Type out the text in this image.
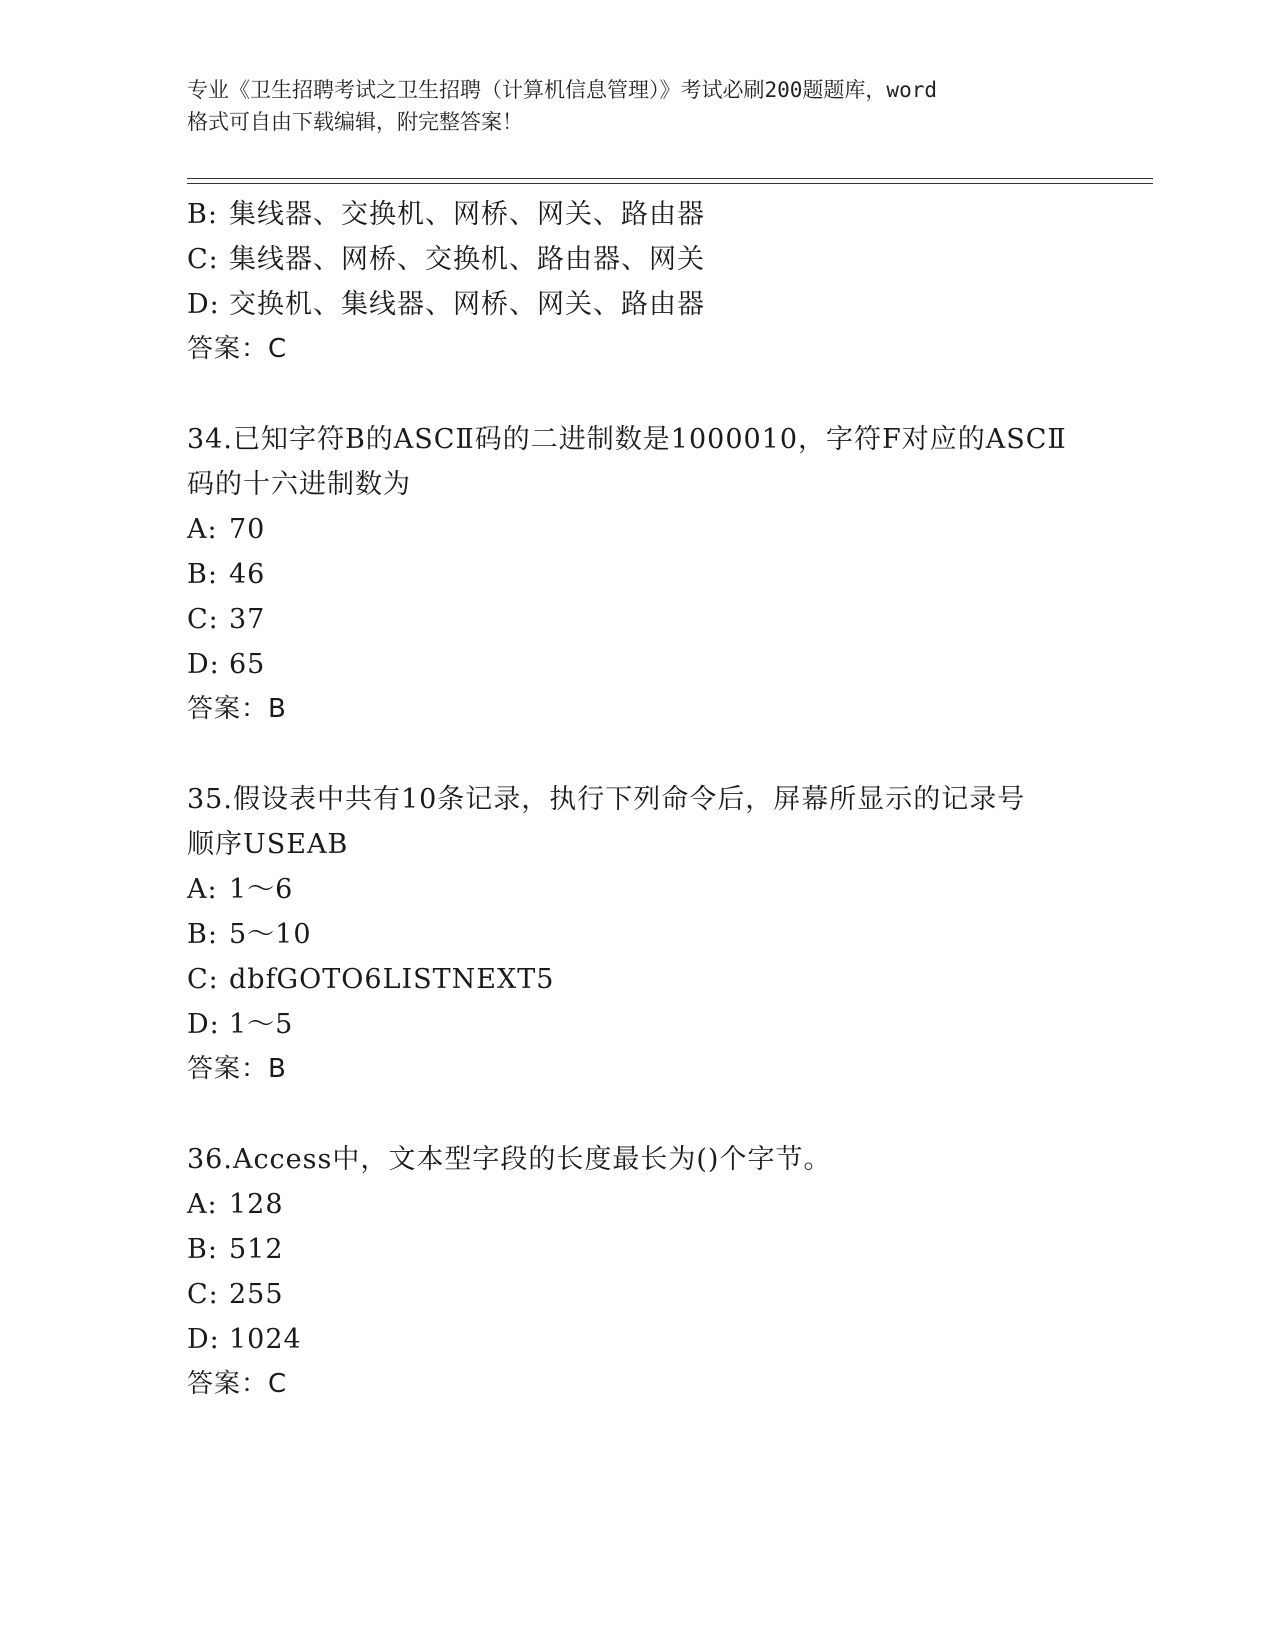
专业《卫生招聘考试之卫生招聘（计算机信息管理）》考试必刷200题题库，word
格式可自由下载编辑，附完整答案！
B: 集线器、交换机、网桥、网关、路由器
C: 集线器、网桥、交换机、路由器、网关
D: 交换机、集线器、网桥、网关、路由器
答案：C
34.已知字符B的ASCⅡ码的二进制数是1000010，字符F对应的ASCⅡ
码的十六进制数为
A: 70
B: 46
C: 37
D: 65
答案：B
35.假设表中共有10条记录，执行下列命令后，屏幕所显示的记录号
顺序USEAB
A: 1～6
B: 5～10
C: dbfGOTO6LISTNEXT5
D: 1～5
答案：B
36.Access中，文本型字段的长度最长为()个字节。
A: 128
B: 512
C: 255
D: 1024
答案：C
